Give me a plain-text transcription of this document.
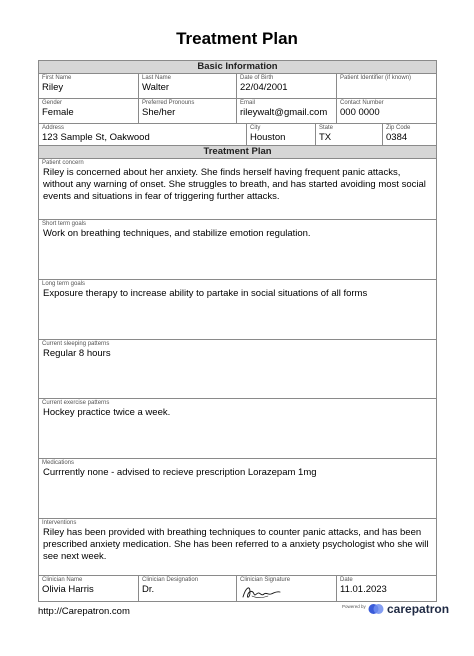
Treatment Plan
Basic Information
First Name
Riley
Last Name
Walter
Date of Birth
22/04/2001
Patient Identifier (if known)
Gender
Female
Preferred Pronouns
She/her
Email
rileywalt@gmail.com
Contact Number
000 0000
Address
123 Sample St, Oakwood
City
Houston
State
TX
Zip Code
0384
Treatment Plan
Patient concern
Riley is concerned about her anxiety. She finds herself having frequent panic attacks, without any warning of onset. She struggles to breath, and has started avoiding most social events and situations in fear of triggering further attacks.
Short term goals
Work on breathing techniques, and stabilize emotion regulation.
Long term goals
Exposure therapy to increase ability to partake in social situations of all forms
Current sleeping patterns
Regular 8 hours
Current exercise patterns
Hockey practice twice a week.
Medications
Currrently none - advised to recieve prescription Lorazepam 1mg
Interventions
Riley has been provided with breathing techniques to counter panic attacks, and has been prescribed anxiety medication. She has been referred to a anxiety psychologist who she will see next week.
Clinician Name
Olivia Harris
Clinician Designation
Dr.
Clinician Signature	Date
11.01.2023
http://Carepatron.com	Powered by carepatron
